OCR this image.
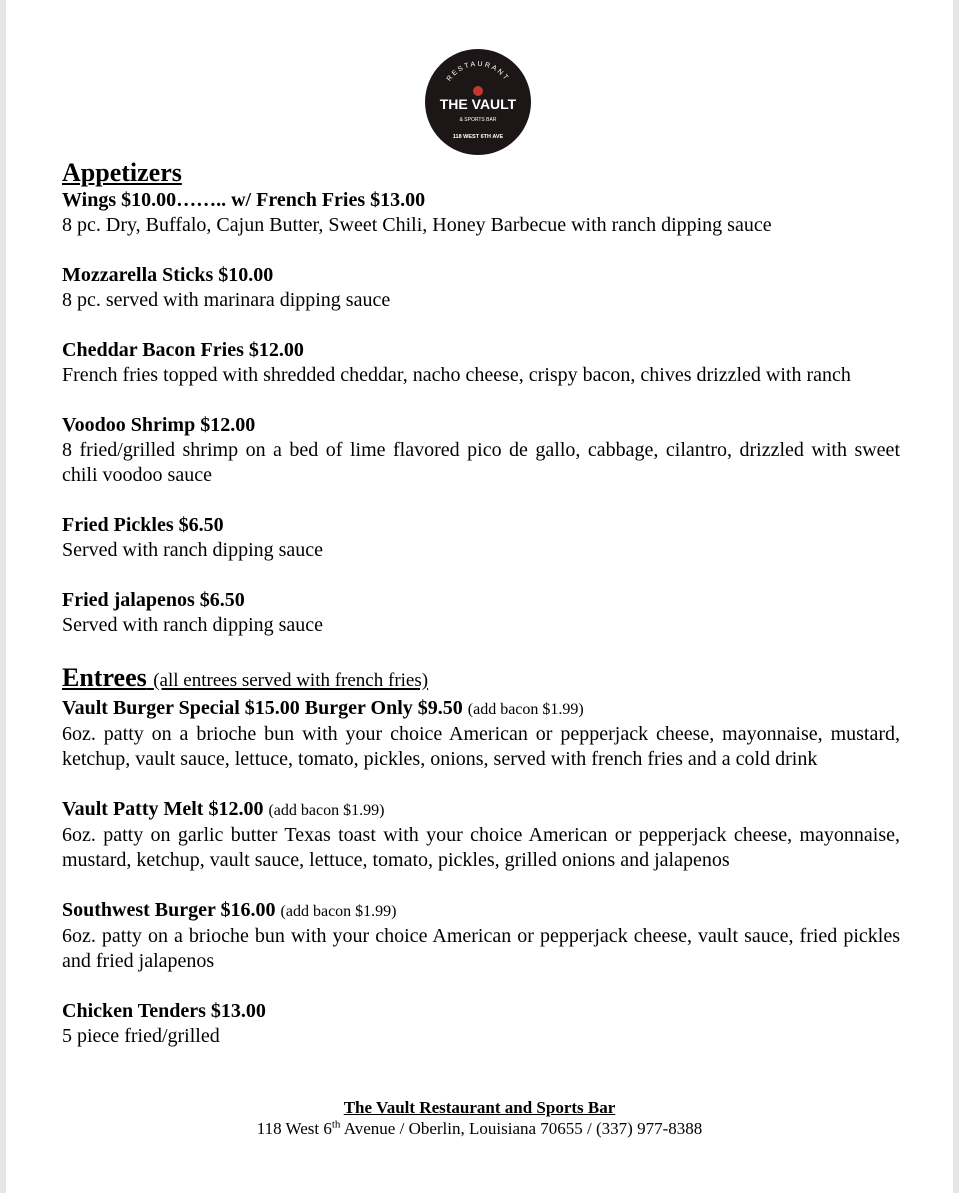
RESTAURANT
THE VAULT
& SPORTS BAR
118 WEST 6TH AVE
Appetizers
Wings $10.00…….. w/ French Fries $13.00
8 pc. Dry, Buffalo, Cajun Butter, Sweet Chili, Honey Barbecue with ranch dipping sauce
Mozzarella Sticks $10.00
8 pc. served with marinara dipping sauce
Cheddar Bacon Fries $12.00
French fries topped with shredded cheddar, nacho cheese, crispy bacon, chives drizzled with ranch
Voodoo Shrimp $12.00
8 fried/grilled shrimp on a bed of lime flavored pico de gallo, cabbage, cilantro, drizzled with sweet chili voodoo sauce
Fried Pickles $6.50
Served with ranch dipping sauce
Fried jalapenos $6.50
Served with ranch dipping sauce
Entrees (all entrees served with french fries)
Vault Burger Special $15.00 Burger Only $9.50 (add bacon $1.99)
6oz. patty on a brioche bun with your choice American or pepperjack cheese, mayonnaise, mustard, ketchup, vault sauce, lettuce, tomato, pickles, onions, served with french fries and a cold drink
Vault Patty Melt $12.00 (add bacon $1.99)
6oz. patty on garlic butter Texas toast with your choice American or pepperjack cheese, mayonnaise, mustard, ketchup, vault sauce, lettuce, tomato, pickles, grilled onions and jalapenos
Southwest Burger $16.00 (add bacon $1.99)
6oz. patty on a brioche bun with your choice American or pepperjack cheese, vault sauce, fried pickles and fried jalapenos
Chicken Tenders $13.00
5 piece fried/grilled
The Vault Restaurant and Sports Bar
118 West 6th Avenue / Oberlin, Louisiana 70655 / (337) 977-8388
